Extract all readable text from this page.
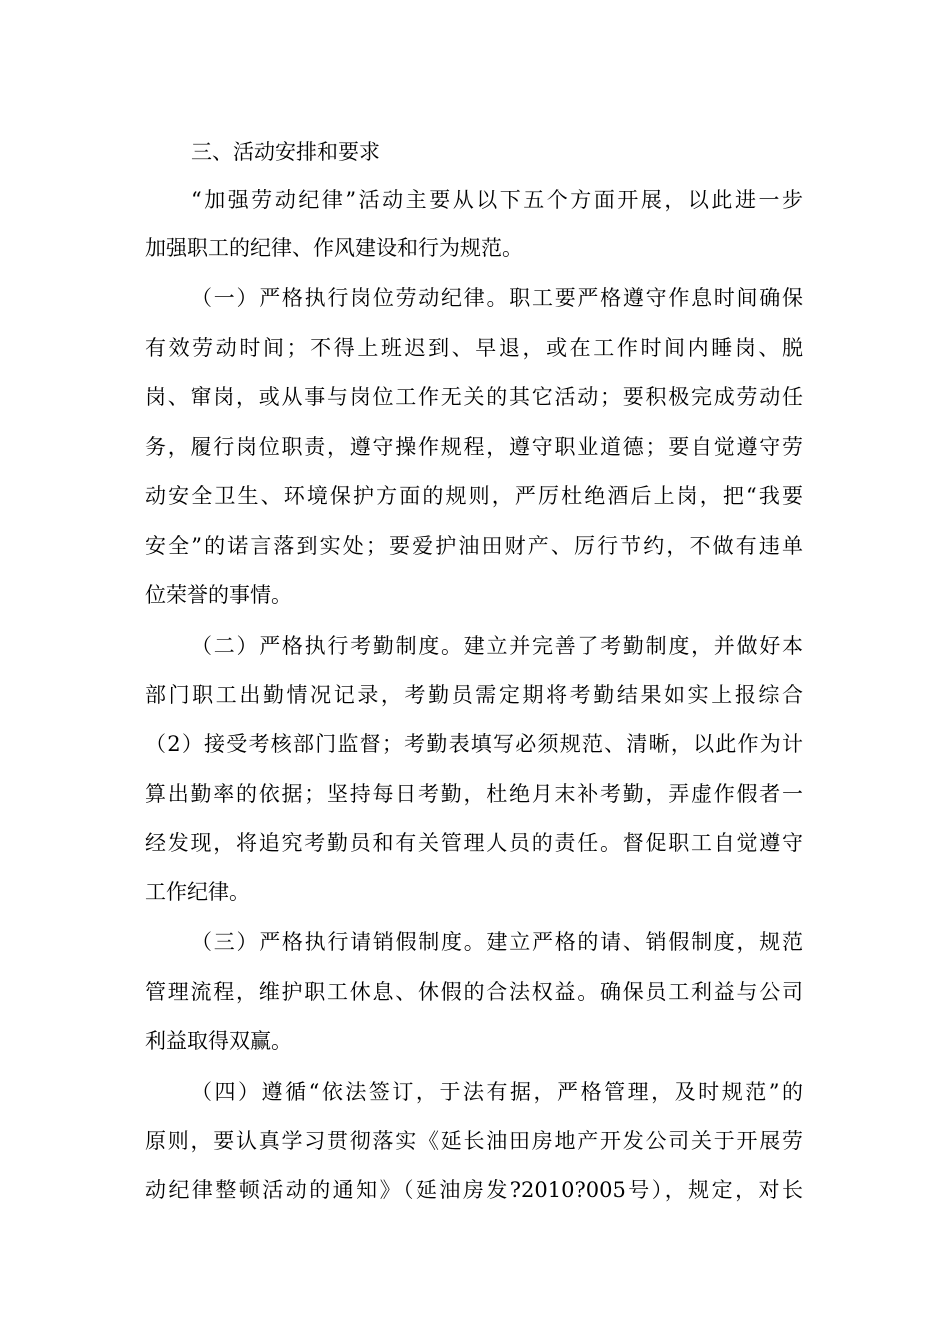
三、活动安排和要求
“加强劳动纪律”活动主要从以下五个方面开展，以此进一步
加强职工的纪律、作风建设和行为规范。
（一）严格执行岗位劳动纪律。职工要严格遵守作息时间确保
有效劳动时间；不得上班迟到、早退，或在工作时间内睡岗、脱
岗、窜岗，或从事与岗位工作无关的其它活动；要积极完成劳动任
务，履行岗位职责，遵守操作规程，遵守职业道德；要自觉遵守劳
动安全卫生、环境保护方面的规则，严厉杜绝酒后上岗，把“我要
安全”的诺言落到实处；要爱护油田财产、厉行节约，不做有违单
位荣誉的事情。
（二）严格执行考勤制度。建立并完善了考勤制度，并做好本
部门职工出勤情况记录，考勤员需定期将考勤结果如实上报综合
（2）接受考核部门监督；考勤表填写必须规范、清晰，以此作为计
算出勤率的依据；坚持每日考勤，杜绝月末补考勤，弄虚作假者一
经发现，将追究考勤员和有关管理人员的责任。督促职工自觉遵守
工作纪律。
（三）严格执行请销假制度。建立严格的请、销假制度，规范
管理流程，维护职工休息、休假的合法权益。确保员工利益与公司
利益取得双赢。
（四）遵循“依法签订，于法有据，严格管理，及时规范”的
原则，要认真学习贯彻落实《延长油田房地产开发公司关于开展劳
动纪律整顿活动的通知》（延油房发?2010?005号），规定，对长
